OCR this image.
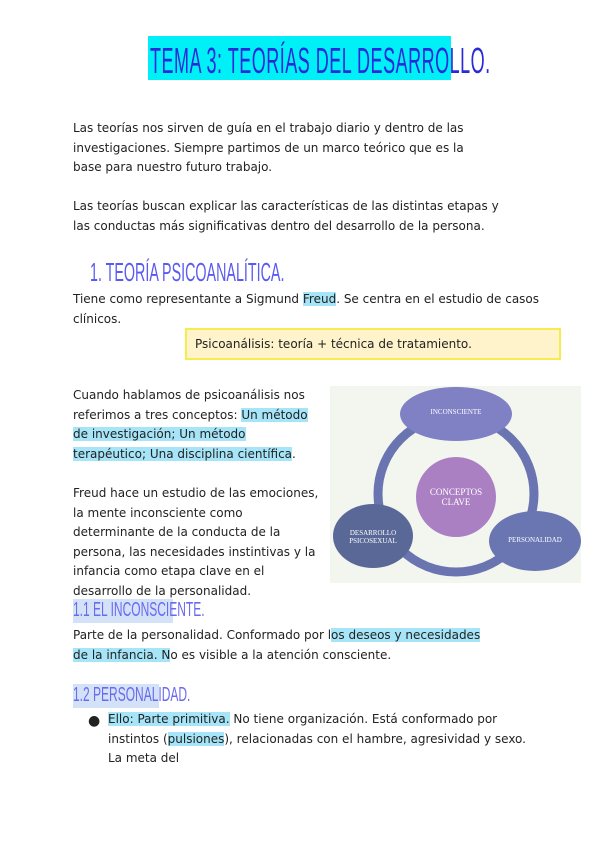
TEMA 3: TEORÍAS DEL DESARROLLO.
Las teorías nos sirven de guía en el trabajo diario y dentro de las investigaciones. Siempre partimos de un marco teórico que es la base para nuestro futuro trabajo.
Las teorías buscan explicar las características de las distintas etapas y las conductas más significativas dentro del desarrollo de la persona.
1. TEORÍA PSICOANALÍTICA.
Tiene como representante a Sigmund Freud. Se centra en el estudio de casos clínicos.
Psicoanálisis: teoría + técnica de tratamiento.
Cuando hablamos de psicoanálisis nos referimos a tres conceptos: Un método de investigación; Un método terapéutico; Una disciplina científica.
Freud hace un estudio de las emociones, la mente inconsciente como determinante de la conducta de la persona, las necesidades instintivas y la infancia como etapa clave en el desarrollo de la personalidad.
INCONSCIENTE
CONCEPTOS CLAVE
PERSONALIDAD
DESARROLLO PSICOSEXUAL
1.1 EL INCONSCIENTE.
Parte de la personalidad. Conformado por los deseos y necesidades de la infancia. No es visible a la atención consciente.
1.2 PERSONALIDAD.
● Ello: Parte primitiva. No tiene organización. Está conformado por instintos (pulsiones), relacionadas con el hambre, agresividad y sexo. La meta del
